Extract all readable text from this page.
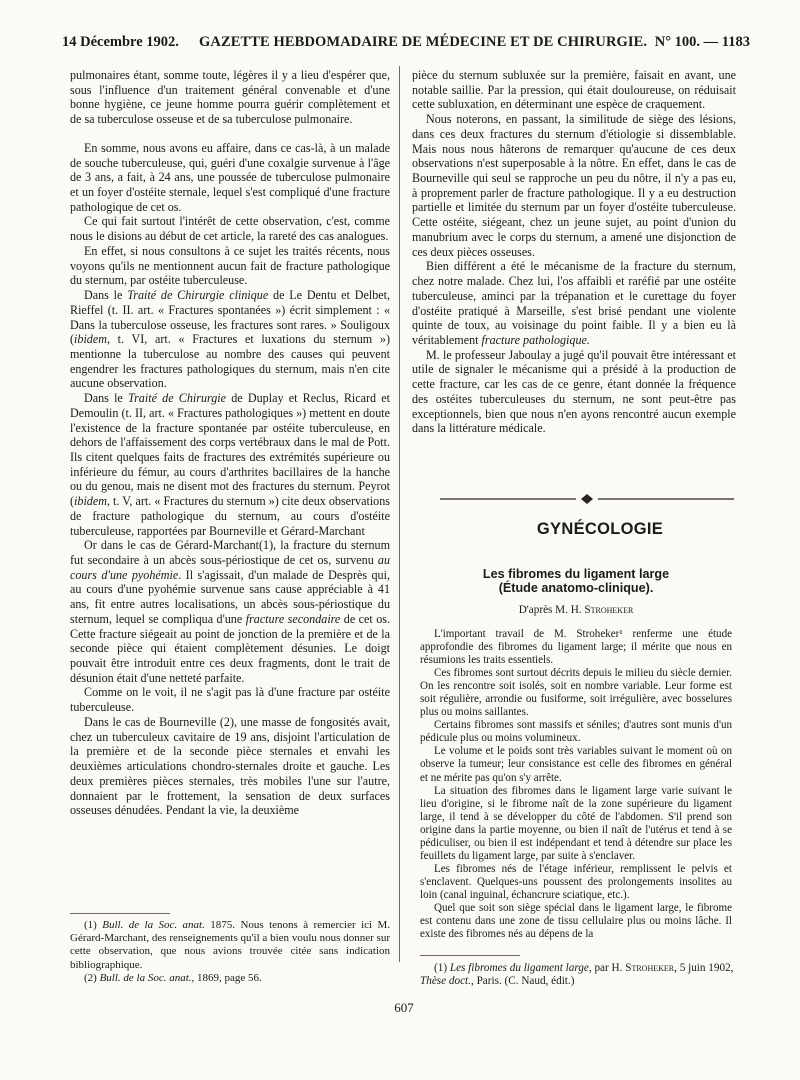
14 Décembre 1902. GAZETTE HEBDOMADAIRE DE MÉDECINE ET DE CHIRURGIE. N° 100. — 1183

pulmonaires étant, somme toute, légères il y a lieu d'espérer que, sous l'influence d'un traitement général convenable et d'une bonne hygiène, ce jeune homme pourra guérir complètement et de sa tuberculose osseuse et de sa tuberculose pulmonaire.

En somme, nous avons eu affaire, dans ce cas-là, à un malade de souche tuberculeuse, qui, guéri d'une coxalgie survenue à l'âge de 3 ans, a fait, à 24 ans, une poussée de tuberculose pulmonaire et un foyer d'ostéite sternale, lequel s'est compliqué d'une fracture pathologique de cet os.

Ce qui fait surtout l'intérêt de cette observation, c'est, comme nous le disions au début de cet article, la rareté des cas analogues.

En effet, si nous consultons à ce sujet les traités récents, nous voyons qu'ils ne mentionnent aucun fait de fracture pathologique du sternum, par ostéite tuberculeuse.

Dans le Traité de Chirurgie clinique de Le Dentu et Delbet, Rieffel (t. II. art. « Fractures spontanées ») écrit simplement : « Dans la tuberculose osseuse, les fractures sont rares. » Souligoux (ibidem, t. VI, art. « Fractures et luxations du sternum ») mentionne la tuberculose au nombre des causes qui peuvent engendrer les fractures pathologiques du sternum, mais n'en cite aucune observation.

Dans le Traité de Chirurgie de Duplay et Reclus, Ricard et Demoulin (t. II, art. « Fractures pathologiques ») mettent en doute l'existence de la fracture spontanée par ostéite tuberculeuse, en dehors de l'affaissement des corps vertébraux dans le mal de Pott. Ils citent quelques faits de fractures des extrémités supérieure ou inférieure du fémur, au cours d'arthrites bacillaires de la hanche ou du genou, mais ne disent mot des fractures du sternum. Peyrot (ibidem, t. V, art. « Fractures du sternum ») cite deux observations de fracture pathologique du sternum, au cours d'ostéite tuberculeuse, rapportées par Bourneville et Gérard-Marchant

Or dans le cas de Gérard-Marchant(1), la fracture du sternum fut secondaire à un abcès sous-périostique de cet os, survenu au cours d'une pyohémie. Il s'agissait, d'un malade de Desprès qui, au cours d'une pyohémie survenue sans cause appréciable à 41 ans, fit entre autres localisations, un abcès sous-périostique du sternum, lequel se compliqua d'une fracture secondaire de cet os. Cette fracture siégeait au point de jonction de la première et de la seconde pièce qui étaient complètement désunies. Le doigt pouvait être introduit entre ces deux fragments, dont le trait de désunion était d'une netteté parfaite.

Comme on le voit, il ne s'agit pas là d'une fracture par ostéite tuberculeuse.

Dans le cas de Bourneville (2), une masse de fongosités avait, chez un tuberculeux cavitaire de 19 ans, disjoint l'articulation de la première et de la seconde pièce sternales et envahi les deuxièmes articulations chondro-sternales droite et gauche. Les deux premières pièces sternales, très mobiles l'une sur l'autre, donnaient par le frottement, la sensation de deux surfaces osseuses dénudées. Pendant la vie, la deuxième

(1) Bull. de la Soc. anat. 1875. Nous tenons à remercier ici M. Gérard-Marchant, des renseignements qu'il a bien voulu nous donner sur cette observation, que nous avions trouvée citée sans indication bibliographique.

(2) Bull. de la Soc. anat., 1869, page 56.

pièce du sternum subluxée sur la première, faisait en avant, une notable saillie. Par la pression, qui était douloureuse, on réduisait cette subluxation, en déterminant une espèce de craquement.

Nous noterons, en passant, la similitude de siège des lésions, dans ces deux fractures du sternum d'étiologie si dissemblable. Mais nous nous hâterons de remarquer qu'aucune de ces deux observations n'est superposable à la nôtre. En effet, dans le cas de Bourneville qui seul se rapproche un peu du nôtre, il n'y a pas eu, à proprement parler de fracture pathologique. Il y a eu destruction partielle et limitée du sternum par un foyer d'ostéite tuberculeuse. Cette ostéite, siégeant, chez un jeune sujet, au point d'union du manubrium avec le corps du sternum, a amené une disjonction de ces deux pièces osseuses.

Bien différent a été le mécanisme de la fracture du sternum, chez notre malade. Chez lui, l'os affaibli et raréfié par une ostéite tuberculeuse, aminci par la trépanation et le curettage du foyer d'ostéite pratiqué à Marseille, s'est brisé pendant une violente quinte de toux, au voisinage du point faible. Il y a bien eu là véritablement fracture pathologique.

M. le professeur Jaboulay a jugé qu'il pouvait être intéressant et utile de signaler le mécanisme qui a présidé à la production de cette fracture, car les cas de ce genre, étant donnée la fréquence des ostéites tuberculeuses du sternum, ne sont peut-être pas exceptionnels, bien que nous n'en ayons rencontré aucun exemple dans la littérature médicale.

GYNÉCOLOGIE
Les fibromes du ligament large
(Étude anatomo-clinique).
D'après M. H. Stroheker

L'important travail de M. Stroheker¹ renferme une étude approfondie des fibromes du ligament large; il mérite que nous en résumions les traits essentiels.

Ces fibromes sont surtout décrits depuis le milieu du siècle dernier. On les rencontre soit isolés, soit en nombre variable. Leur forme est soit régulière, arrondie ou fusiforme, soit irrégulière, avec bosselures plus ou moins saillantes.

Certains fibromes sont massifs et séniles; d'autres sont munis d'un pédicule plus ou moins volumineux.

Le volume et le poids sont très variables suivant le moment où on observe la tumeur; leur consistance est celle des fibromes en général et ne mérite pas qu'on s'y arrête.

La situation des fibromes dans le ligament large varie suivant le lieu d'origine, si le fibrome naît de la zone supérieure du ligament large, il tend à se développer du côté de l'abdomen. S'il prend son origine dans la partie moyenne, ou bien il naît de l'utérus et tend à se pédiculiser, ou bien il est indépendant et tend à détendre sur place les feuillets du ligament large, par suite à s'enclaver.

Les fibromes nés de l'étage inférieur, remplissent le pelvis et s'enclavent. Quelques-uns poussent des prolongements insolites au loin (canal inguinal, échancrure sciatique, etc.).

Quel que soit son siège spécial dans le ligament large, le fibrome est contenu dans une zone de tissu cellulaire plus ou moins lâche. Il existe des fibromes nés au dépens de la

(1) Les fibromes du ligament large, par H. Stroheker, 5 juin 1902, Thèse doct., Paris. (C. Naud, édit.)

607
